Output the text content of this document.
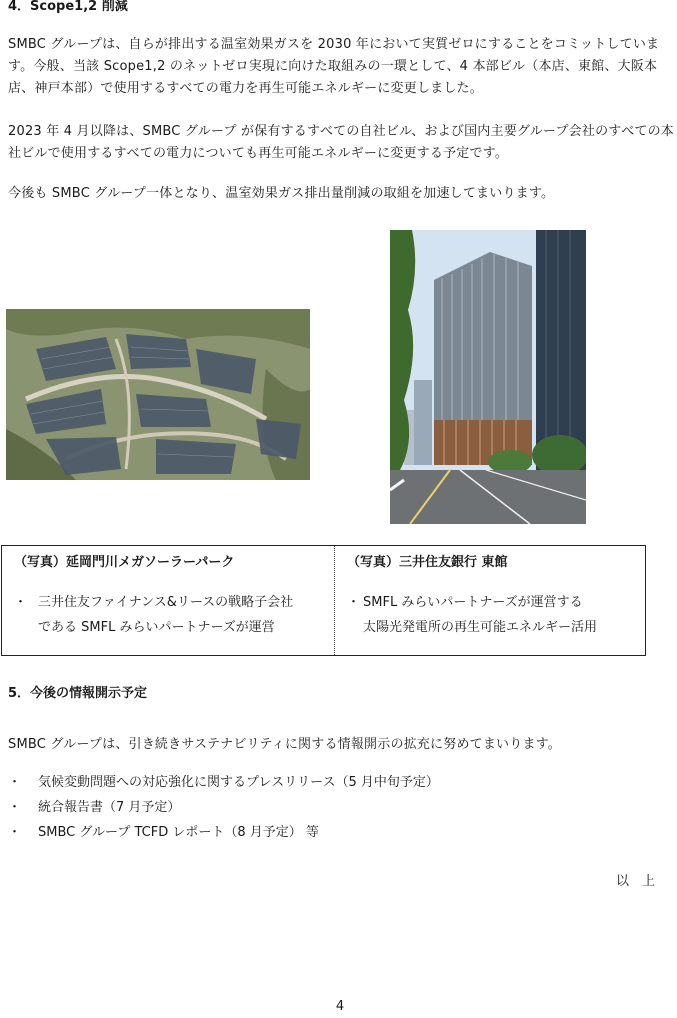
4．Scope1,2 削減

SMBC グループは、自らが排出する温室効果ガスを 2030 年において実質ゼロにすることをコミットしています。今般、当該 Scope1,2 のネットゼロ実現に向けた取組みの一環として、4 本部ビル（本店、東館、大阪本店、神戸本部）で使用するすべての電力を再生可能エネルギーに変更しました。

2023 年 4 月以降は、SMBC グループ が保有するすべての自社ビル、および国内主要グループ会社のすべての本社ビルで使用するすべての電力についても再生可能エネルギーに変更する予定です。

今後も SMBC グループ一体となり、温室効果ガス排出量削減の取組を加速してまいります。

（写真）延岡門川メガソーラーパーク
・ 三井住友ファイナンス&リースの戦略子会社
である SMFL みらいパートナーズが運営
（写真）三井住友銀行 東館
・ SMFL みらいパートナーズが運営する
太陽光発電所の再生可能エネルギー活用
5．今後の情報開示予定
SMBC グループは、引き続きサステナビリティに関する情報開示の拡充に努めてまいります。
・	気候変動問題への対応強化に関するプレスリリース（5 月中旬予定）
・	統合報告書（7 月予定）
・	SMBC グループ TCFD レポート（8 月予定） 等
以　上
4
